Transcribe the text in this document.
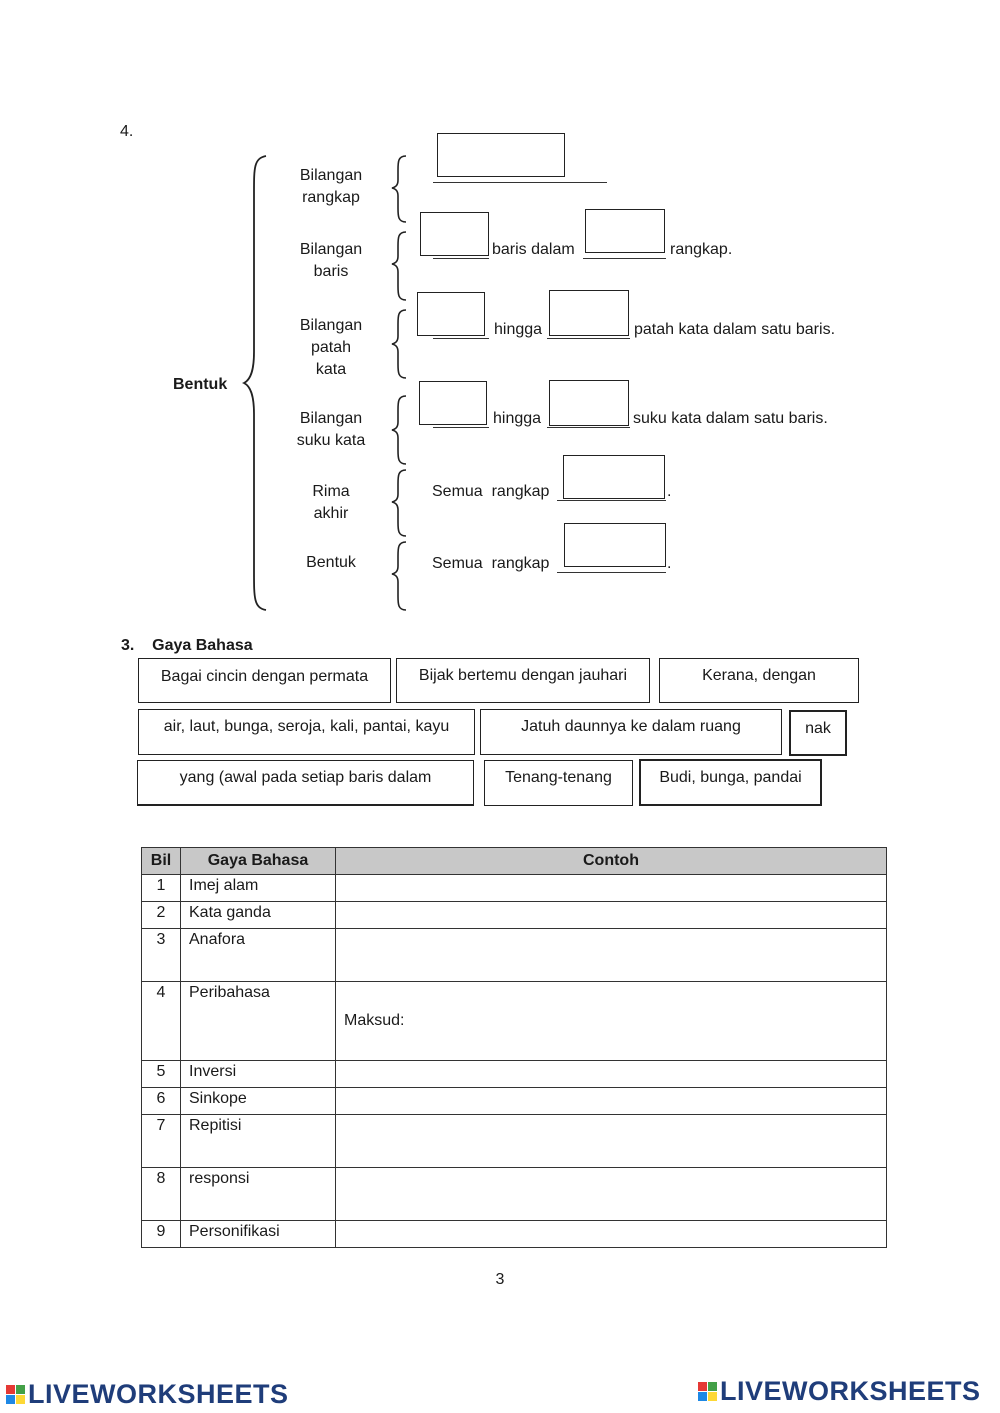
4.
Bentuk
Bilangan
rangkap
Bilangan
baris
Bilangan
patah
kata
Bilangan
suku kata
Rima
akhir
Bentuk
baris dalam	rangkap.
hingga	patah kata dalam satu baris.
hingga	suku kata dalam satu baris.
Semua  rangkap	.
Semua  rangkap	.
3.    Gaya Bahasa
Bagai cincin dengan permata	Bijak bertemu dengan jauhari	Kerana, dengan
air, laut, bunga, seroja, kali, pantai, kayu	Jatuh daunnya ke dalam ruang	nak
yang (awal pada setiap baris dalam	Tenang-tenang	Budi, bunga, pandai
Bil	Gaya Bahasa	Contoh
1	Imej alam	
2	Kata ganda	
3	Anafora	
4	Peribahasa	Maksud:
5	Inversi	
6	Sinkope	
7	Repitisi	
8	responsi	
9	Personifikasi	
3
LIVEWORKSHEETS	LIVEWORKSHEETS
